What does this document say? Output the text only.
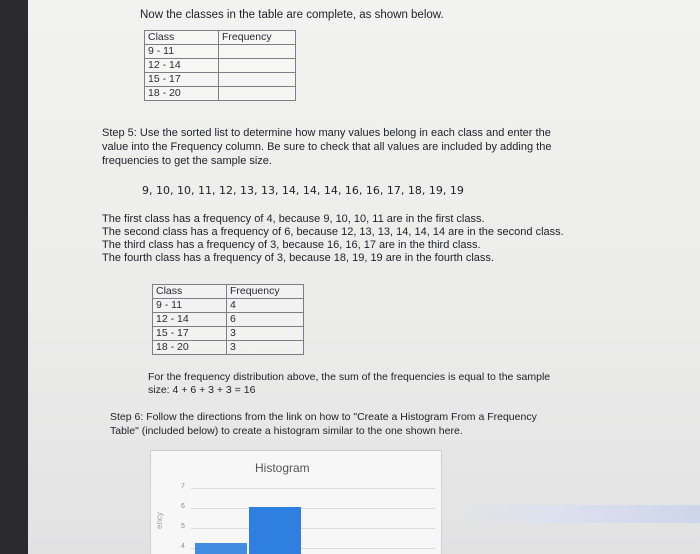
Now the classes in the table are complete, as shown below.
Class	Frequency
9 - 11	
12 - 14	
15 - 17	
18 - 20	
Step 5: Use the sorted list to determine how many values belong in each class and enter the
value into the Frequency column. Be sure to check that all values are included by adding the
frequencies to get the sample size.
9, 10, 10, 11, 12, 13, 13, 14, 14, 14, 16, 16, 17, 18, 19, 19
The first class has a frequency of 4, because 9, 10, 10, 11 are in the first class.
The second class has a frequency of 6, because 12, 13, 13, 14, 14, 14 are in the second class.
The third class has a frequency of 3, because 16, 16, 17 are in the third class.
The fourth class has a frequency of 3, because 18, 19, 19 are in the fourth class.
Class	Frequency
9 - 11	4
12 - 14	6
15 - 17	3
18 - 20	3
For the frequency distribution above, the sum of the frequencies is equal to the sample
size: 4 + 6 + 3 + 3 = 16
Step 6: Follow the directions from the link on how to "Create a Histogram From a Frequency
Table" (included below) to create a histogram similar to the one shown here.
Histogram
7
6
5
4
ency
